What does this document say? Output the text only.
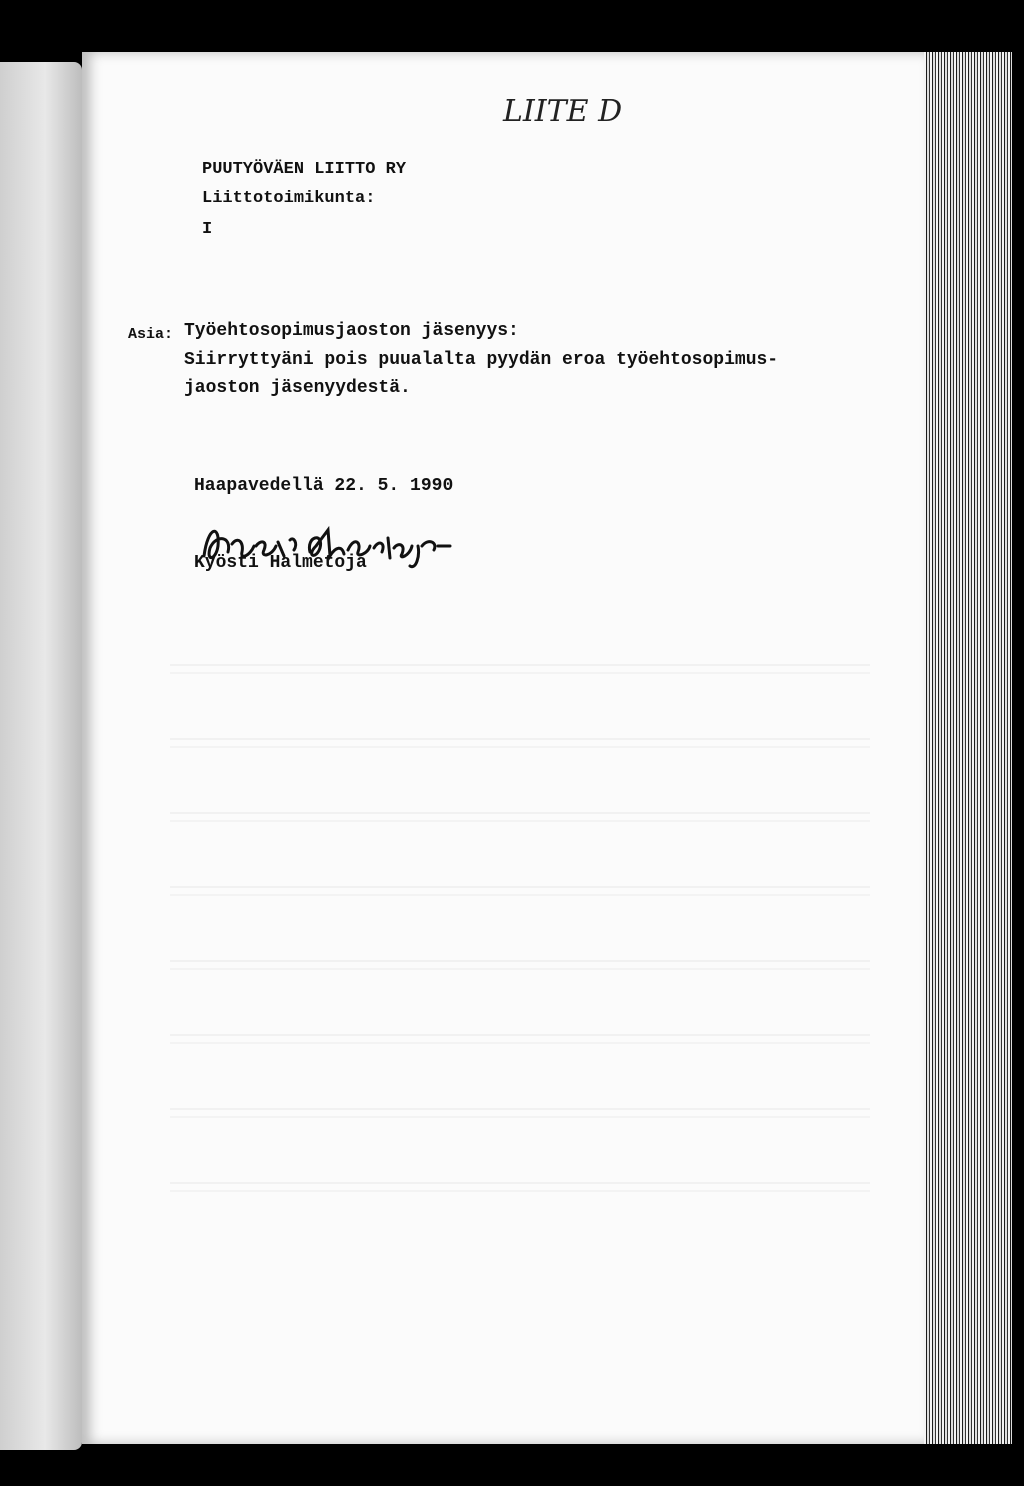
LIITE D
PUUTYÖVÄEN LIITTO RY
Liittotoimikunta:
I
Asia: Työehtosopimusjaoston jäsenyys:
Siirryttyäni pois puualalta pyydän eroa työehtosopimus-
jaoston jäsenyydestä.
Haapavedellä 22. 5. 1990
Kyösti Halmetoja
